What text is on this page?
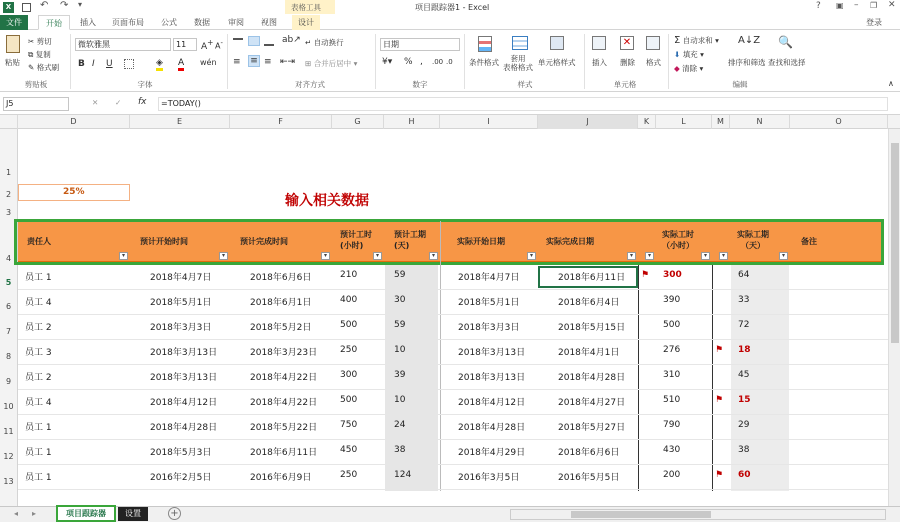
X	↶ ↷ ▾	表格工具	项目跟踪器1 - Excel	? ▣ – ❐ ✕
文件	开始	插入	页面布局	公式	数据	审阅	视图	设计	登录
粘贴
✂ 剪切
⧉ 复制
✎ 格式刷
剪贴板
微软雅黑	11	A+ A-
B I U	◈ A wén
字体
ab↗ ↵ 自动换行
≡ ≡ ≡ ⇤⇥ ⊞ 合并后居中 ▾
对齐方式
日期
¥▾ % , .00 .0
数字
条件格式	套用
表格格式
单元格样式
样式
插入
✕
删除 格式
单元格
Σ 自动求和 ▾
⬇ 填充 ▾
◆ 清除 ▾
A↓Z
排序和筛选
🔍
查找和选择
编辑	∧
J5	✕ ✓ fx	=TODAY()
D	E	F	G	H	I	J	K	L	M	N	O
1
2
3
4
5
6
7
8
9
10
11
12
13
25%
输入相关数据
责任人	预计开始时间	预计完成时间
预计工时
(小时)
预计工期
(天)	实际开始日期	实际完成日期
实际工时
（小时）
实际工期
（天）	备注
▾	▾	▾	▾	▾	▾	▾	▾	▾	▾	▾
员工 1	2018年4月7日	2018年6月6日	210	59	2018年4月7日	2018年6月11日	300	64
⚑
员工 4	2018年5月1日	2018年6月1日	400	30	2018年5月1日	2018年6月4日	390	33
员工 2	2018年3月3日	2018年5月2日	500	59	2018年3月3日	2018年5月15日	500	72
员工 3	2018年3月13日	2018年3月23日	250	10	2018年3月13日	2018年4月1日	276	18
⚑
员工 2	2018年3月13日	2018年4月22日	300	39	2018年3月13日	2018年4月28日	310	45
员工 4	2018年4月12日	2018年4月22日	500	10	2018年4月12日	2018年4月27日	510	15
⚑
员工 1	2018年4月28日	2018年5月22日	750	24	2018年4月28日	2018年5月27日	790	29
员工 1	2018年5月3日	2018年6月11日	450	38	2018年4月29日	2018年6月6日	430	38
员工 1	2016年2月5日	2016年6月9日	250	124	2016年3月5日	2016年5月5日	200	60
⚑
◂ ▸	项目跟踪器	设置	+
